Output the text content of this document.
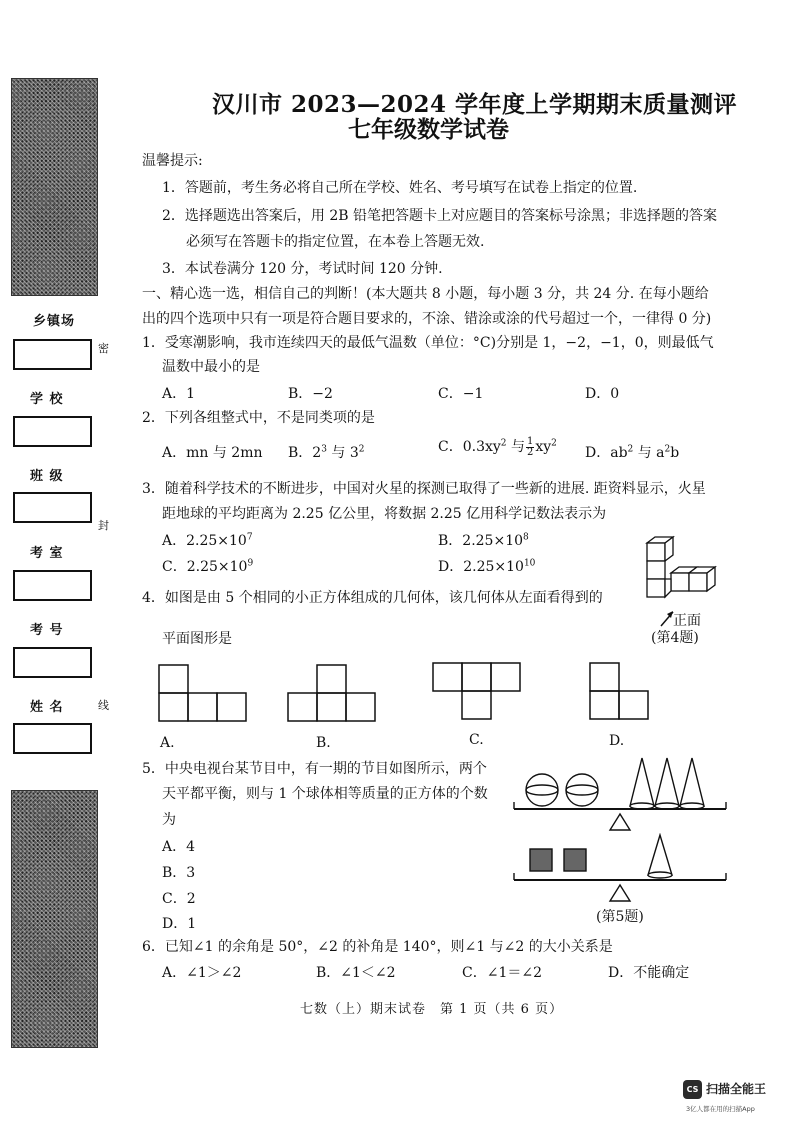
乡镇场
学 校
班 级
考 室
考 号
姓 名
密
封
线
汉川市 2023—2024 学年度上学期期末质量测评
七年级数学试卷
温馨提示:
1．答题前，考生务必将自己所在学校、姓名、考号填写在试卷上指定的位置.
2．选择题选出答案后，用 2B 铅笔把答题卡上对应题目的答案标号涂黑；非选择题的答案
必须写在答题卡的指定位置，在本卷上答题无效.
3．本试卷满分 120 分，考试时间 120 分钟.
一、精心选一选，相信自己的判断！(本大题共 8 小题，每小题 3 分，共 24 分. 在每小题给
出的四个选项中只有一项是符合题目要求的，不涂、错涂或涂的代号超过一个，一律得 0 分)
1．受寒潮影响，我市连续四天的最低气温数（单位：°C)分别是 1，−2，−1，0，则最低气
温数中最小的是
A．1	B．−2	C．−1	D．0
2．下列各组整式中，不是同类项的是
A．mn 与 2mn B．$2^3$ 与 $3^2$	C．$0.3xy^2$ 与 $\frac{1}{2} xy^2$
D．$ab^2$ 与 $a^2b$
3．随着科学技术的不断进步，中国对火星的探测已取得了一些新的进展. 距资料显示，火星
距地球的平均距离为 2.25 亿公里，将数据 2.25 亿用科学记数法表示为
A．$2.25\times 10^7$	B．$2.25\times 10^8$
C．$2.25\times 10^9$	D．$2.25\times 10^{10}$
4．如图是由 5 个相同的小正方体组成的几何体，该几何体从左面看得到的
平面图形是
正面
(第4题)
A.	B.	C.	D.
5．中央电视台某节目中，有一期的节目如图所示，两个
天平都平衡，则与 1 个球体相等质量的正方体的个数
为
A．4
B．3
C．2
D．1	(第5题)
6．已知∠1 的余角是 50°，∠2 的补角是 140°，则∠1 与∠2 的大小关系是
A．∠1＞∠2	B．∠1＜∠2	C．∠1＝∠2	D．不能确定
七数（上）期末试卷　第 1 页（共 6 页）
CS 扫描全能王
3亿人都在用的扫描App
